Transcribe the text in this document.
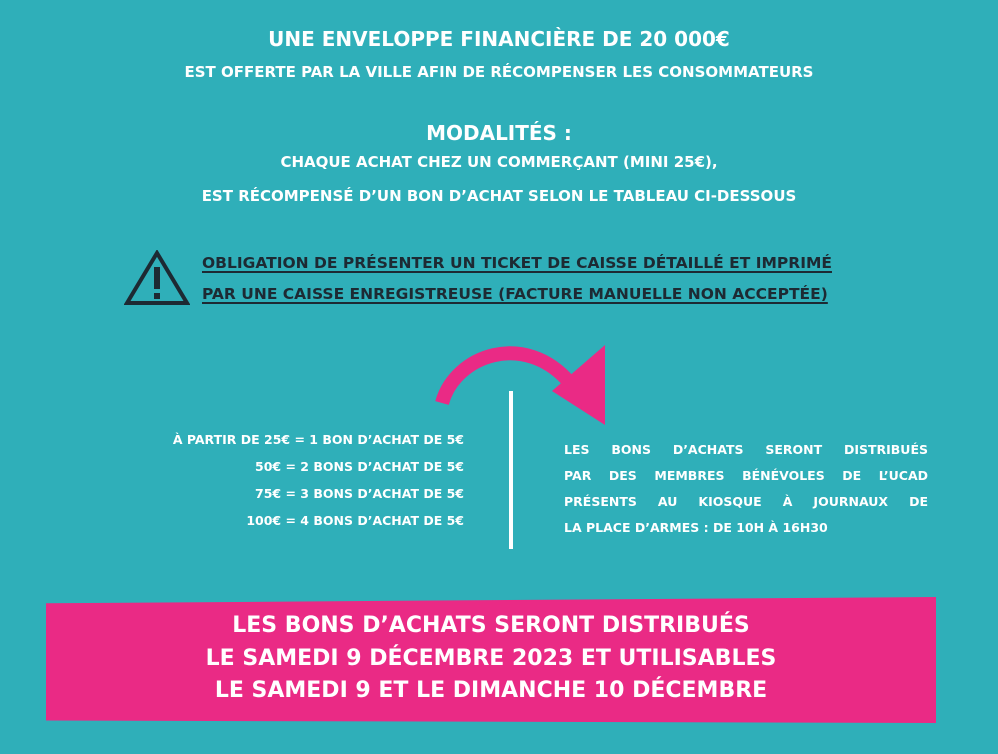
UNE ENVELOPPE FINANCIÈRE DE 20 000€
EST OFFERTE PAR LA VILLE AFIN DE RÉCOMPENSER LES CONSOMMATEURS
MODALITÉS :
CHAQUE ACHAT CHEZ UN COMMERÇANT (MINI 25€),
EST RÉCOMPENSÉ D’UN BON D’ACHAT SELON LE TABLEAU CI-DESSOUS
OBLIGATION DE PRÉSENTER UN TICKET DE CAISSE DÉTAILLÉ ET IMPRIMÉ
PAR UNE CAISSE ENREGISTREUSE (FACTURE MANUELLE NON ACCEPTÉE)
À PARTIR DE 25€ = 1 BON D’ACHAT DE 5€
50€ = 2 BONS D’ACHAT DE 5€
75€ = 3 BONS D’ACHAT DE 5€
100€ = 4 BONS D’ACHAT DE 5€
LES BONS D’ACHATS SERONT DISTRIBUÉS
PAR DES MEMBRES BÉNÉVOLES DE L’UCAD
PRÉSENTS AU KIOSQUE À JOURNAUX DE
LA PLACE D’ARMES : DE 10H À 16H30
LES BONS D’ACHATS SERONT DISTRIBUÉS
LE SAMEDI 9 DÉCEMBRE 2023 ET UTILISABLES
LE SAMEDI 9 ET LE DIMANCHE 10 DÉCEMBRE
